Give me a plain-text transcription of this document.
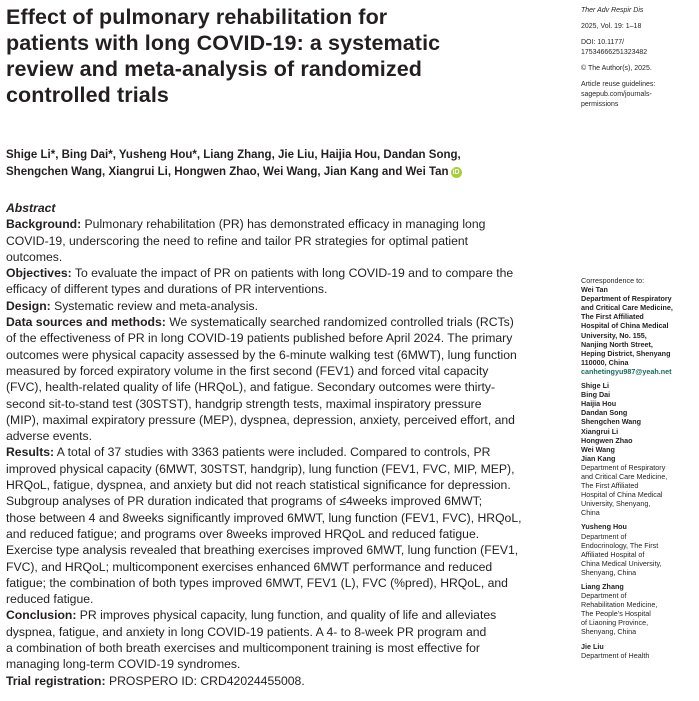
Effect of pulmonary rehabilitation for
patients with long COVID-19: a systematic
review and meta-analysis of randomized
controlled trials
Ther Adv Respir Dis
2025, Vol. 19: 1–18
DOI: 10.1177/
17534666251323482
© The Author(s), 2025.
Article reuse guidelines:
sagepub.com/journals-
permissions
Shige Li*, Bing Dai*, Yusheng Hou*, Liang Zhang, Jie Liu, Haijia Hou, Dandan Song,
Shengchen Wang, Xiangrui Li, Hongwen Zhao, Wei Wang, Jian Kang and Wei Tan iD
Abstract
Background: Pulmonary rehabilitation (PR) has demonstrated efficacy in managing long
COVID-19, underscoring the need to refine and tailor PR strategies for optimal patient
outcomes.
Objectives: To evaluate the impact of PR on patients with long COVID-19 and to compare the
efficacy of different types and durations of PR interventions.
Design: Systematic review and meta-analysis.
Data sources and methods: We systematically searched randomized controlled trials (RCTs)
of the effectiveness of PR in long COVID-19 patients published before April 2024. The primary
outcomes were physical capacity assessed by the 6-minute walking test (6MWT), lung function
measured by forced expiratory volume in the first second (FEV1) and forced vital capacity
(FVC), health-related quality of life (HRQoL), and fatigue. Secondary outcomes were thirty-
second sit-to-stand test (30STST), handgrip strength tests, maximal inspiratory pressure
(MIP), maximal expiratory pressure (MEP), dyspnea, depression, anxiety, perceived effort, and
adverse events.
Results: A total of 37 studies with 3363 patients were included. Compared to controls, PR
improved physical capacity (6MWT, 30STST, handgrip), lung function (FEV1, FVC, MIP, MEP),
HRQoL, fatigue, dyspnea, and anxiety but did not reach statistical significance for depression.
Subgroup analyses of PR duration indicated that programs of ≤4weeks improved 6MWT;
those between 4 and 8weeks significantly improved 6MWT, lung function (FEV1, FVC), HRQoL,
and reduced fatigue; and programs over 8weeks improved HRQoL and reduced fatigue.
Exercise type analysis revealed that breathing exercises improved 6MWT, lung function (FEV1,
FVC), and HRQoL; multicomponent exercises enhanced 6MWT performance and reduced
fatigue; the combination of both types improved 6MWT, FEV1 (L), FVC (%pred), HRQoL, and
reduced fatigue.
Conclusion: PR improves physical capacity, lung function, and quality of life and alleviates
dyspnea, fatigue, and anxiety in long COVID-19 patients. A 4- to 8-week PR program and
a combination of both breath exercises and multicomponent training is most effective for
managing long-term COVID-19 syndromes.
Trial registration: PROSPERO ID: CRD42024455008.
Correspondence to:
Wei Tan
Department of Respiratory
and Critical Care Medicine,
The First Affiliated
Hospital of China Medical
University, No. 155,
Nanjing North Street,
Heping District, Shenyang
110000, China
canhetingyu987@yeah.net
Shige Li
Bing Dai
Haijia Hou
Dandan Song
Shengchen Wang
Xiangrui Li
Hongwen Zhao
Wei Wang
Jian Kang
Department of Respiratory
and Critical Care Medicine,
The First Affiliated
Hospital of China Medical
University, Shenyang,
China
Yusheng Hou
Department of
Endocrinology, The First
Affiliated Hospital of
China Medical University,
Shenyang, China
Liang Zhang
Department of
Rehabilitation Medicine,
The People’s Hospital
of Liaoning Province,
Shenyang, China
Jie Liu
Department of Health
